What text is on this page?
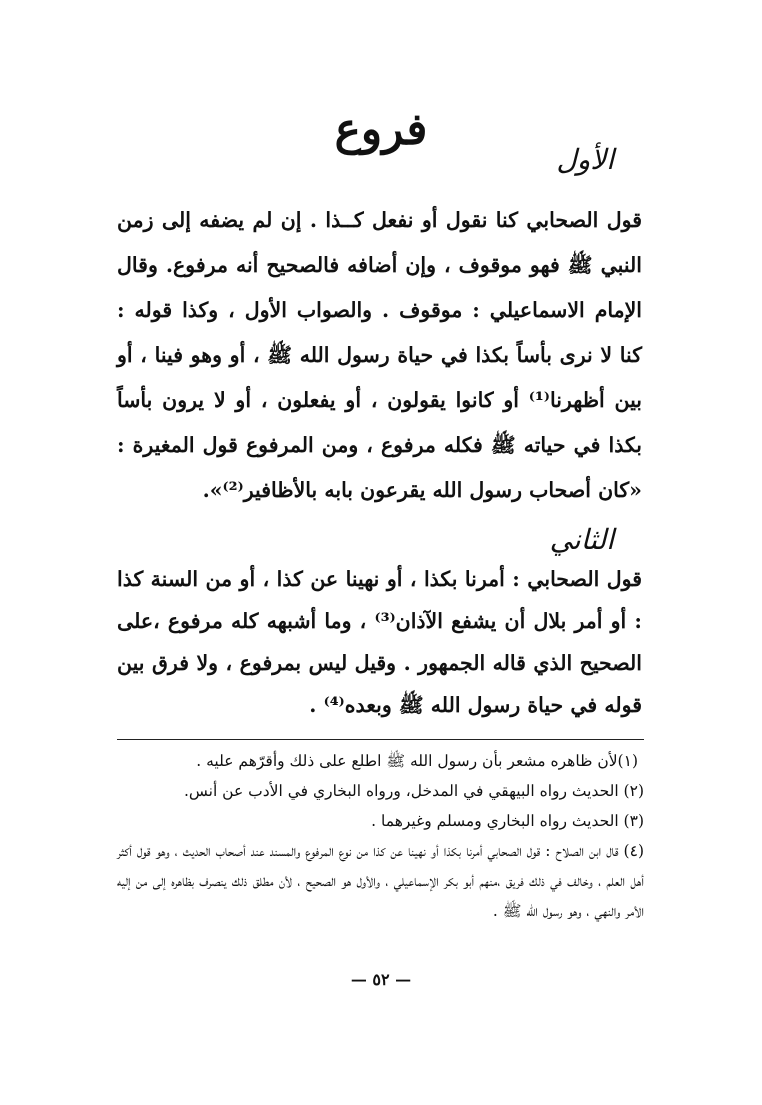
فروع
الأول

قول الصحابي كنا نقول أو نفعل كــذا . إن لم يضفه إلى زمن النبي ﷺ فهو موقوف ، وإن أضافه فالصحيح أنه مرفوع. وقال الإمام الاسماعيلي : موقوف . والصواب الأول ، وكذا قوله : كنا لا نرى بأساً بكذا في حياة رسول الله ﷺ ، أو وهو فينا ، أو بين أظهرنا⁽¹⁾ أو كانوا يقولون ، أو يفعلون ، أو لا يرون بأساً بكذا في حياته ﷺ فكله مرفوع ، ومن المرفوع قول المغيرة : «كان أصحاب رسول الله يقرعون بابه بالأظافير⁽²⁾».

الثاني

قول الصحابي : أمرنا بكذا ، أو نهينا عن كذا ، أو من السنة كذا : أو أمر بلال أن يشفع الآذان⁽³⁾ ، وما أشبهه كله مرفوع ،على الصحيح الذي قاله الجمهور . وقيل ليس بمرفوع ، ولا فرق بين قوله في حياة رسول الله ﷺ وبعده⁽⁴⁾ .

(١)لأن ظاهره مشعر بأن رسول الله ﷺ اطلع على ذلك وأقرّهم عليه .

(٢) الحديث رواه البيهقي في المدخل، ورواه البخاري في الأدب عن أنس.

(٣) الحديث رواه البخاري ومسلم وغيرهما .

(٤) قال ابن الصلاح : قول الصحابي أمرنا بكذا أو نهينا عن كذا من نوع المرفوع والمسند عند أصحاب الحديث ، وهو قول أكثر أهل العلم ، وخالف في ذلك فريق ،منهم أبو بكر الإسماعيلي ، والأول هو الصحيح ، لأن مطلق ذلك ينصرف بظاهره إلى من إليه الأمر والنهي ، وهو رسول الله ﷺ .

— ٥٢ —
